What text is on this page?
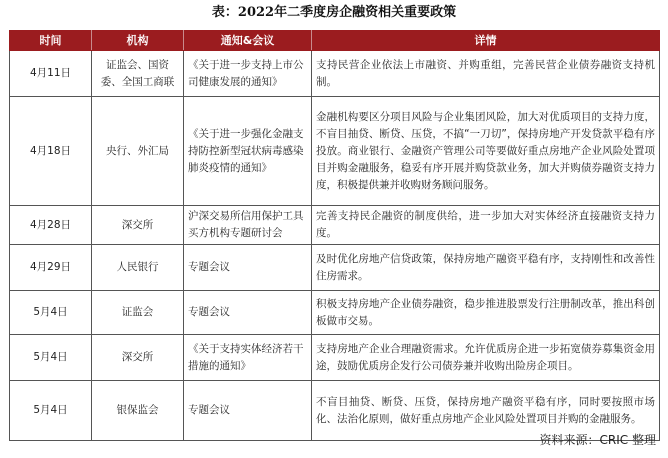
表：2022年二季度房企融资相关重要政策
时间	机构	通知&会议	详情
4月11日	证监会、国资委、全国工商联	《关于进一步支持上市公司健康发展的通知》	支持民营企业依法上市融资、并购重组，完善民营企业债券融资支持机制。
4月18日	央行、外汇局	《关于进一步强化金融支持防控新型冠状病毒感染肺炎疫情的通知》	金融机构要区分项目风险与企业集团风险，加大对优质项目的支持力度，不盲目抽贷、断贷、压贷，不搞“一刀切”，保持房地产开发贷款平稳有序投放。商业银行、金融资产管理公司等要做好重点房地产企业风险处置项目并购金融服务，稳妥有序开展并购贷款业务，加大并购债券融资支持力度，积极提供兼并收购财务顾问服务。
4月28日	深交所	沪深交易所信用保护工具买方机构专题研讨会	完善支持民企融资的制度供给，进一步加大对实体经济直接融资支持力度。
4月29日	人民银行	专题会议	及时优化房地产信贷政策，保持房地产融资平稳有序，支持刚性和改善性住房需求。
5月4日	证监会	专题会议	积极支持房地产企业债券融资，稳步推进股票发行注册制改革，推出科创板做市交易。
5月4日	深交所	《关于支持实体经济若干措施的通知》	支持房地产企业合理融资需求。允许优质房企进一步拓宽债券募集资金用途，鼓励优质房企发行公司债券兼并收购出险房企项目。
5月4日	银保监会	专题会议	不盲目抽贷、断贷、压贷，保持房地产融资平稳有序，同时要按照市场化、法治化原则，做好重点房地产企业风险处置项目并购的金融服务。
资料来源：CRIC 整理
